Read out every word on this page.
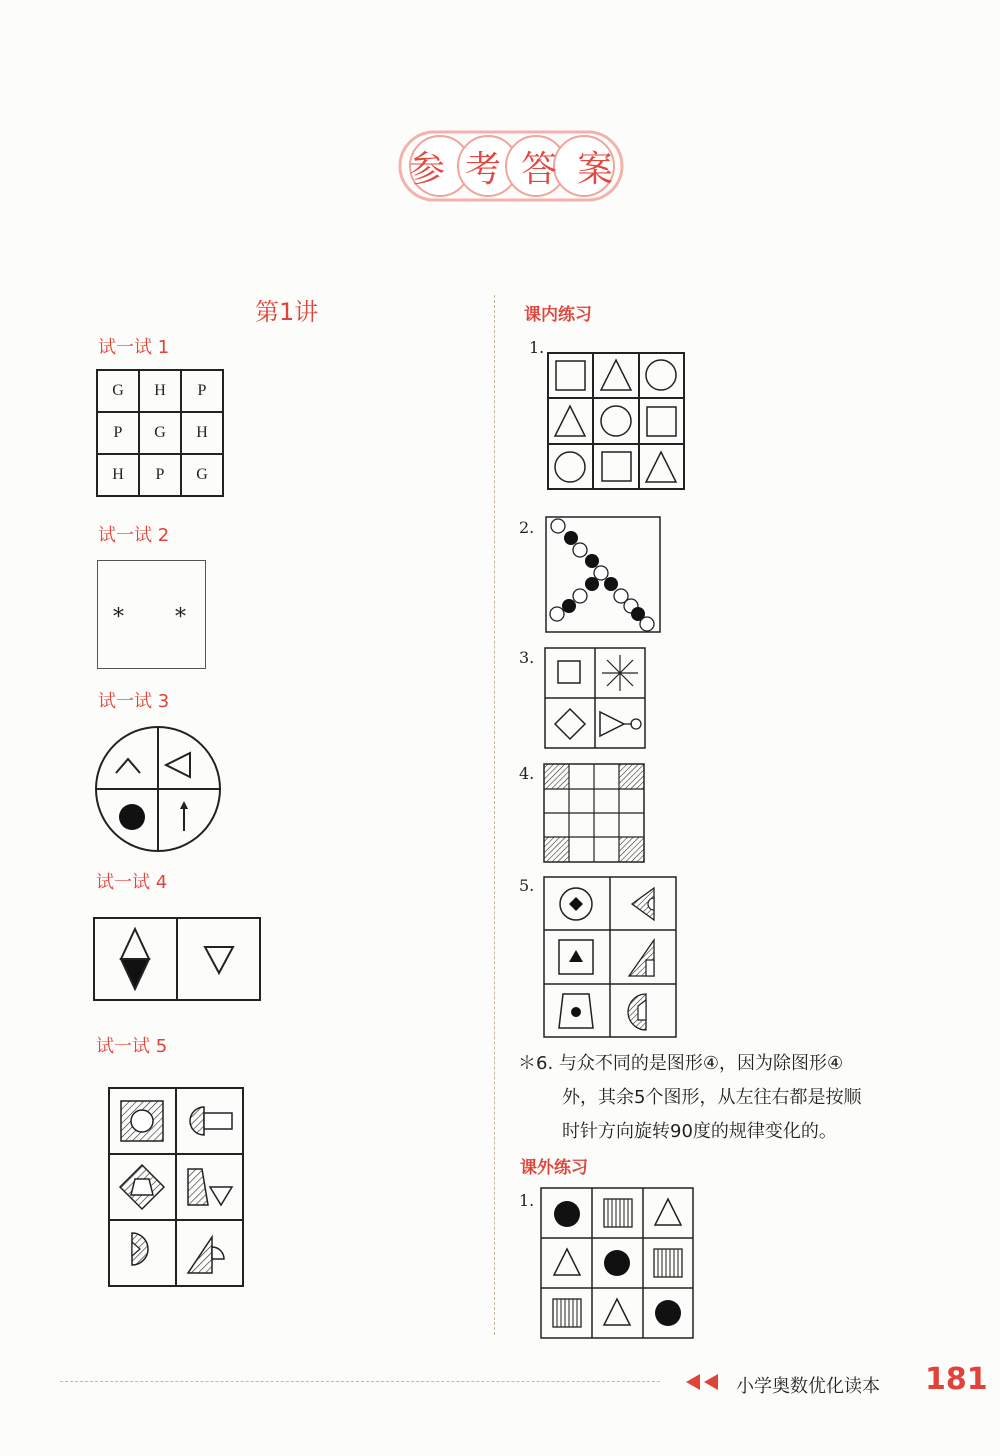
参 考 答 案
第1讲
试一试 1
G	H	P
P	G	H
H	P	G
试一试 2
* *
试一试 3
试一试 4
试一试 5
课内练习
1.
2.
3.
4.
5.
＊6. 与众不同的是图形④，因为除图形④
外，其余5个图形，从左往右都是按顺
时针方向旋转90度的规律变化的。
课外练习
1.
小学奥数优化读本 181
